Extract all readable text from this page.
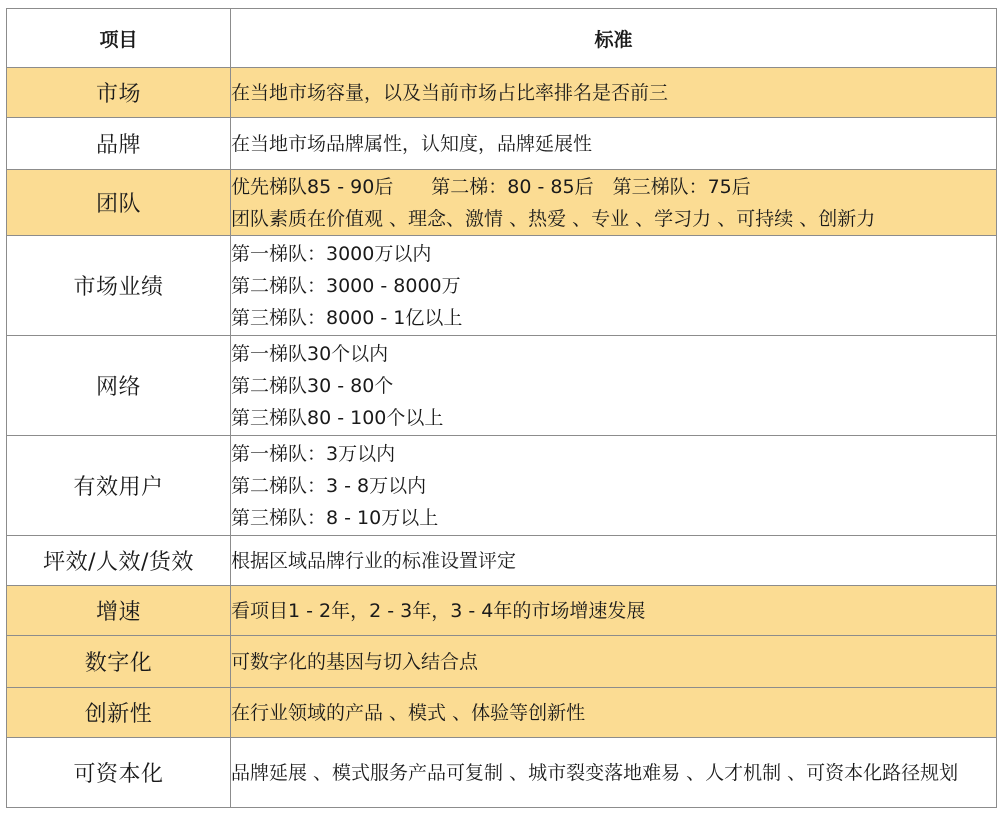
项目	标准
市场	在当地市场容量，以及当前市场占比率排名是否前三

品牌	在当地市场品牌属性，认知度，品牌延展性

团队	优先梯队85 - 90后　　第二梯：80 - 85后　第三梯队：75后
团队素质在价值观 、理念、激情 、热爱 、专业 、学习力 、可持续 、创新力

市场业绩	第一梯队：3000万以内
第二梯队：3000 - 8000万
第三梯队：8000 - 1亿以上

网络	第一梯队30个以内
第二梯队30 - 80个
第三梯队80 - 100个以上

有效用户	第一梯队：3万以内
第二梯队：3 - 8万以内
第三梯队：8 - 10万以上

坪效/人效/货效	根据区域品牌行业的标准设置评定

增速	看项目1 - 2年，2 - 3年，3 - 4年的市场增速发展

数字化	可数字化的基因与切入结合点

创新性	在行业领域的产品 、模式 、体验等创新性

可资本化	品牌延展 、模式服务产品可复制 、城市裂变落地难易 、人才机制 、可资本化路径规划
